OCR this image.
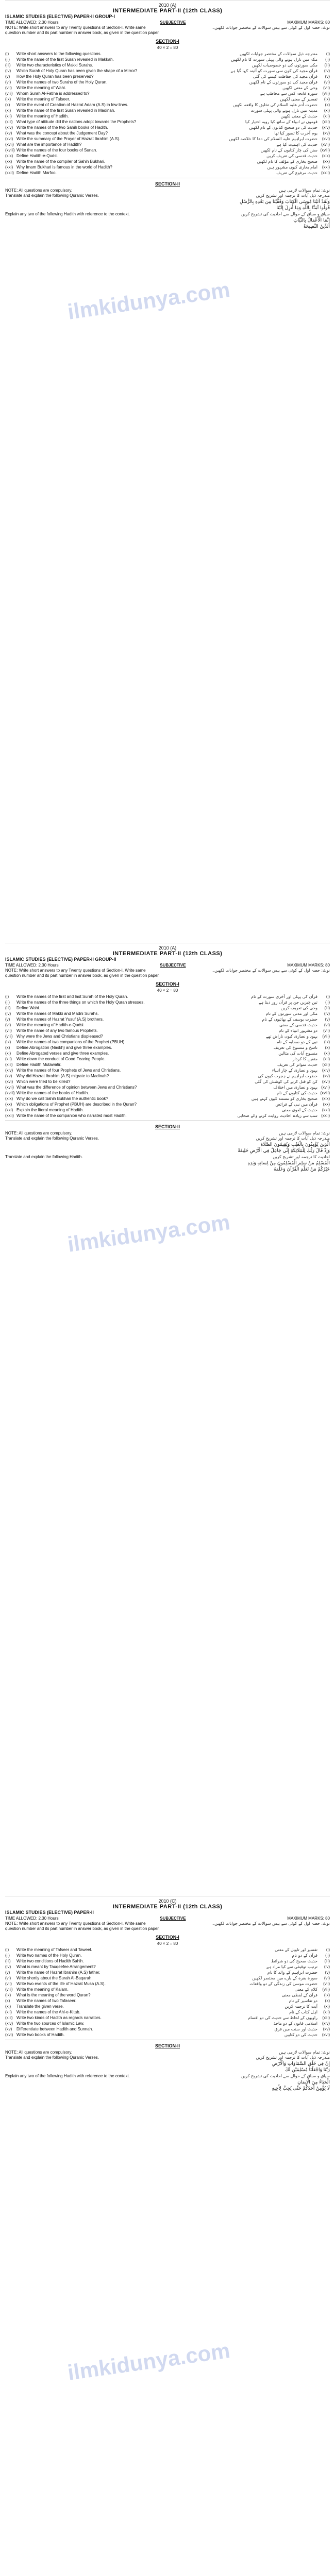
ilmkidunya.com
ilmkidunya.com
ilmkidunya.com
2010 (A)
INTERMEDIATE PART-II (12th CLASS)
ISLAMIC STUDIES (ELECTIVE) PAPER-II GROUP-I
TIME ALLOWED: 2.30 Hours	SUBJECTIVE	MAXIMUM MARKS: 80
NOTE: Write short answers to any Twenty questions of Section-I. Write same question number and its part number in answer book, as given in the question paper.
نوٹ: حصہ اول کے کوئی سے بیس سوالات کے مختصر جوابات لکھیں۔
SECTION-I
40 × 2 = 80
(i)	Write short answers to the following questions.	مندرجہ ذیل سوالات کے مختصر جوابات لکھیں	(i)
(ii)	Write the name of the first Surah revealed in Makkah.	مکہ میں نازل ہونے والی پہلی سورت کا نام لکھیں	(ii)
(iii)	Write two characteristics of Makki Surahs.	مکی سورتوں کی دو خصوصیات لکھیں	(iii)
(iv)	Which Surah of Holy Quran has been given the shape of a Mirror?	قرآن مجید کی کون سی سورت کو آئینہ کہا گیا ہے	(iv)
(v)	How the Holy Quran has been preserved?	قرآن مجید کی حفاظت کیسے کی گئی	(v)
(vi)	Write the names of two Surahs of the Holy Quran.	قرآن مجید کی دو سورتوں کے نام لکھیں	(vi)
(vii)	Write the meaning of Wahi.	وحی کے معنی لکھیں	(vii)
(viii) Whom Surah Al-Fatiha is addressed to?	سورہ فاتحہ کس سے مخاطب ہے	(viii)
(ix)	Write the meaning of Tafseer.	تفسیر کے معنی لکھیں	(ix)
(x)	Write the event of Creation of Hazrat Adam (A.S) in few lines.	حضرت آدم علیہ السلام کی تخلیق کا واقعہ لکھیں	(x)
(xi)	Write the name of the first Surah revealed in Madinah.	مدینہ میں نازل ہونے والی پہلی سورت	(xi)
(xii)	Write the meaning of Hadith.	حدیث کے معنی لکھیں	(xii)
(xiii) What type of attitude did the nations adopt towards the Prophets?	قوموں نے انبیاء کے ساتھ کیا رویہ اختیار کیا	(xiii)
(xiv) Write the names of the two Sahih books of Hadith.	حدیث کی دو صحیح کتابوں کے نام لکھیں	(xiv)
(xv)	What was the concept about the Judgement Day?	یوم آخرت کا تصور کیا تھا	(xv)
(xvi) Write the summary of the Prayer of Hazrat Ibrahim (A.S).	حضرت ابراہیم علیہ السلام کی دعا کا خلاصہ لکھیں	(xvi)
(xvii) What are the importance of Hadith?	حدیث کی اہمیت کیا ہے (xvii)
(xviii) Write the names of the four books of Sunan.	سنن کی چار کتابوں کے نام لکھیں (xviii)
(xix) Define Hadith-e-Qudsi.	حدیث قدسی کی تعریف کریں	(xix)
(xx)	Write the name of the compiler of Sahih Bukhari.	صحیح بخاری کے مؤلف کا نام لکھیں	(xx)
(xxi) Why Imam Bukhari is famous in the world of Hadith?	امام بخاری کیوں مشہور ہیں	(xxi)
(xxii) Define Hadith Marfoo.	حدیث مرفوع کی تعریف (xxii)
SECTION-II
NOTE: All questions are compulsory.	نوٹ: تمام سوالات لازمی ہیں
Translate and explain the following Quranic Verses.	مندرجہ ذیل آیات کا ترجمہ اور تشریح کریں
وَلَقَدْ آتَيْنَا مُوسَى الْكِتَابَ وَقَفَّيْنَا مِن بَعْدِهِ بِالرُّسُلِ
قُولُوا آمَنَّا بِاللَّهِ وَمَا أُنزِلَ إِلَيْنَا
Explain any two of the following Hadith with reference to the context.	سیاق و سباق کے حوالے سے احادیث کی تشریح کریں
إِنَّمَا الْأَعْمَالُ بِالنِّيَّاتِ
الدِّينُ النَّصِيحَةُ
2010 (A)
INTERMEDIATE PART-II (12th CLASS)
ISLAMIC STUDIES (ELECTIVE) PAPER-II GROUP-II
TIME ALLOWED: 2.30 Hours	SUBJECTIVE	MAXIMUM MARKS: 80
NOTE: Write short answers to any Twenty questions of Section-I. Write same question number and its part number in answer book, as given in the question paper.
نوٹ: حصہ اول کے کوئی سے بیس سوالات کے مختصر جوابات لکھیں۔
SECTION-I
40 × 2 = 80
(i)	Write the names of the first and last Surah of the Holy Quran.	قرآن کی پہلی اور آخری سورت کے نام	(i)
(ii)	Write the names of the three things on which the Holy Quran stresses.	تین چیزیں جن پر قرآن زور دیتا ہے	(ii)
(iii)	Define Wahi.	وحی کی تعریف کریں	(iii)
(iv)	Write the names of Makki and Madni Surahs.	مکی اور مدنی سورتوں کے نام	(iv)
(v)	Write the names of Hazrat Yusuf (A.S) brothers.	حضرت یوسف کے بھائیوں کے نام	(v)
(vi)	Write the meaning of Hadith-e-Qudsi.	حدیث قدسی کے معنی	(vi)
(vii)	Write the name of any two famous Prophets.	دو مشہور انبیاء کے نام	(vii)
(viii) Why were the Jews and Christians displeased?	یہود و نصاریٰ کیوں ناراض تھے	(viii)
(ix)	Write the names of two companions of the Prophet (PBUH).	نبی کے دو صحابہ کے نام	(ix)
(x)	Define Abrogation (Naskh) and give three examples.	ناسخ و منسوخ کی تعریف	(x)
(xi)	Define Abrogated verses and give three examples.	منسوخ آیات کی مثالیں	(xi)
(xii)	Write down the conduct of Good Fearing People.	متقین کا کردار	(xii)
(xiii) Define Hadith Mutawatir.	حدیث متواتر کی تعریف	(xiii)
(xiv) Write the names of four Prophets of Jews and Christians.	یہود و نصاریٰ کے چار انبیاء	(xiv)
(xv)	Why did Hazrat Ibrahim (A.S) migrate to Madinah?	حضرت ابراہیم نے ہجرت کیوں کی	(xv)
(xvi) Which were tried to be killed?	کن کو قتل کرنے کی کوشش کی گئی	(xvi)
(xvii) What was the difference of opinion between Jews and Christians?	یہود و نصاریٰ میں اختلاف (xvii)
(xviii) Write the names of the books of Hadith.	حدیث کی کتابوں کے نام (xviii)
(xix) Why do we call Sahih Bukhari the authentic book?	صحیح بخاری کو مستند کیوں کہتے ہیں	(xix)
(xx)	Which obligations of Prophet (PBUH) are described in the Quran?	قرآن میں نبی کے فرائض	(xx)
(xxi) Explain the literal meaning of Hadith.	حدیث کے لغوی معنی	(xxi)
(xxii) Write the name of the companion who narrated most Hadith.	سب سے زیادہ احادیث روایت کرنے والے صحابی (xxii)
SECTION-II
NOTE: All questions are compulsory.	نوٹ: تمام سوالات لازمی ہیں
Translate and explain the following Quranic Verses.	مندرجہ ذیل آیات کا ترجمہ اور تشریح کریں
الَّذِينَ يُؤْمِنُونَ بِالْغَيْبِ وَيُقِيمُونَ الصَّلَاةَ
وَإِذْ قَالَ رَبُّكَ لِلْمَلَائِكَةِ إِنِّي جَاعِلٌ فِي الْأَرْضِ خَلِيفَةً
Translate and explain the following Hadith.	احادیث کا ترجمہ اور تشریح کریں
الْمُسْلِمُ مَنْ سَلِمَ الْمُسْلِمُونَ مِنْ لِسَانِهِ وَيَدِهِ
خَيْرُكُمْ مَنْ تَعَلَّمَ الْقُرْآنَ وَعَلَّمَهُ
2010 (C)
INTERMEDIATE PART-II (12th CLASS)
ISLAMIC STUDIES (ELECTIVE) PAPER-II
TIME ALLOWED: 2.30 Hours	SUBJECTIVE	MAXIMUM MARKS: 80
NOTE: Write short answers to any Twenty questions of Section-I. Write same question number and its part number in answer book, as given in the question paper.
نوٹ: حصہ اول کے کوئی سے بیس سوالات کے مختصر جوابات لکھیں۔
SECTION-I
40 × 2 = 80
(i)	Write the meaning of Tafseer and Taweel.	تفسیر اور تاویل کے معنی	(i)
(ii)	Write two names of the Holy Quran.	قرآن کے دو نام	(ii)
(iii)	Write two conditions of Hadith Sahih.	حدیث صحیح کی دو شرائط	(iii)
(iv)	What is meant by Tauqeefee Arrangement?	ترتیب توقیفی سے کیا مراد ہے	(iv)
(v)	Write the name of Hazrat Ibrahim (A.S) father.	حضرت ابراہیم کے والد کا نام	(v)
(vi)	Write shortly about the Surah Al-Baqarah.	سورہ بقرہ کے بارے میں مختصر لکھیں	(vi)
(vii)	Write two events of the life of Hazrat Musa (A.S).	حضرت موسیٰ کی زندگی کے دو واقعات	(vii)
(viii) Write the meaning of Kalam.	کلام کے معنی	(viii)
(ix)	What is the meaning of the word Quran?	قرآن کے لفظی معنی	(ix)
(x)	Write the names of two Tafaseer.	دو تفاسیر کے نام	(x)
(xi)	Translate the given verse.	آیت کا ترجمہ کریں	(xi)
(xii)	Write the names of the Ahl-e-Kitab.	اہل کتاب کے نام	(xii)
(xiii) Write two kinds of Hadith as regards narrators.	راویوں کے لحاظ سے حدیث کی دو اقسام	(xiii)
(xiv) Write the two sources of Islamic Law.	اسلامی قانون کے دو ماخذ	(xiv)
(xv)	Differentiate between Hadith and Sunnah.	حدیث اور سنت میں فرق	(xv)
(xvi) Write two books of Hadith.	حدیث کی دو کتابیں	(xvi)
SECTION-II
NOTE: All questions are compulsory.	نوٹ: تمام سوالات لازمی ہیں
Translate and explain the following Quranic Verses.	مندرجہ ذیل آیات کا ترجمہ اور تشریح کریں
إِنَّ فِي خَلْقِ السَّمَاوَاتِ وَالْأَرْضِ
رَبَّنَا وَاجْعَلْنَا مُسْلِمَيْنِ لَكَ
Explain any two of the following Hadith with reference to the context.	سیاق و سباق کے حوالے سے احادیث کی تشریح کریں
الْحَيَاءُ مِنَ الْإِيمَانِ
لَا يُؤْمِنُ أَحَدُكُمْ حَتَّى يُحِبَّ لِأَخِيهِ
